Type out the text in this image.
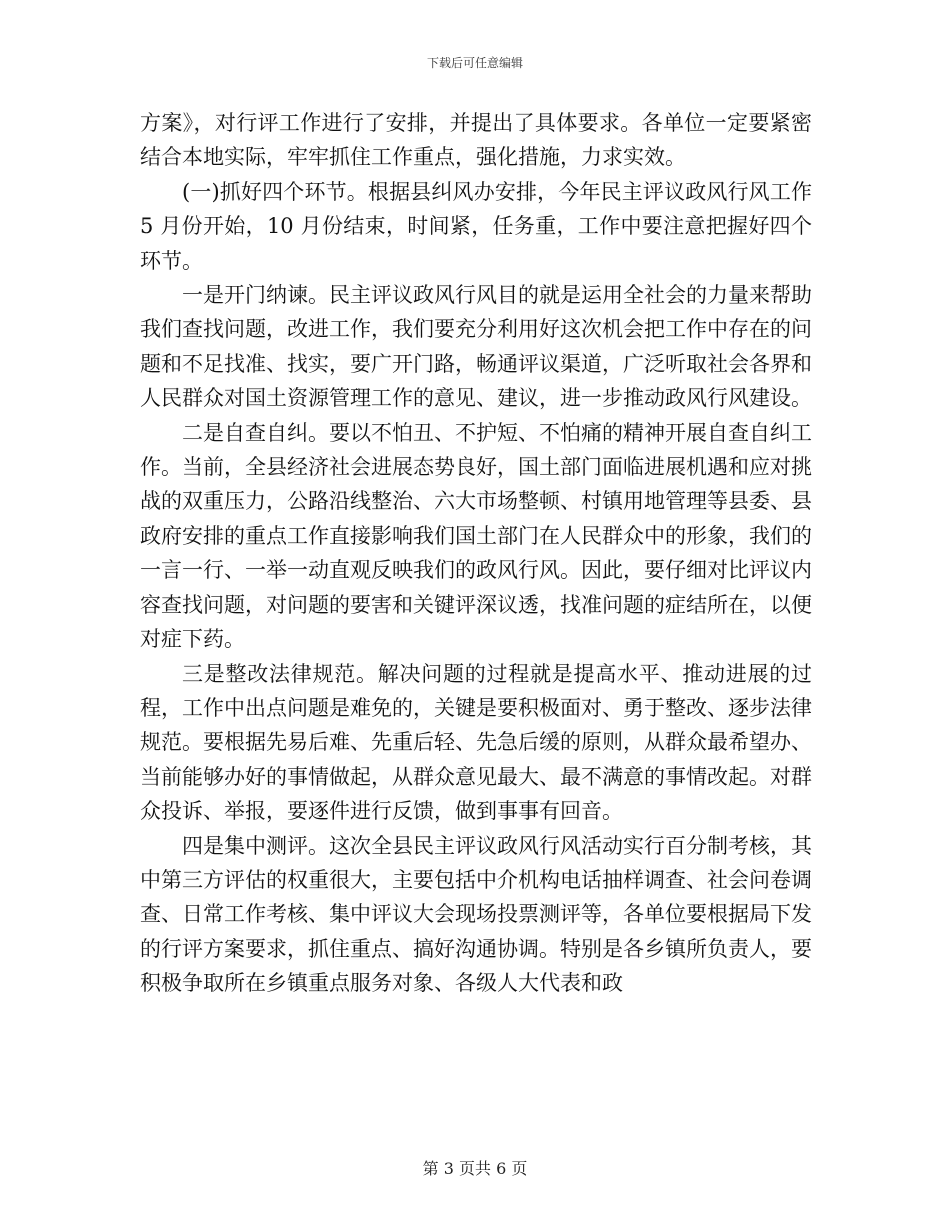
下载后可任意编辑

方案》，对行评工作进行了安排，并提出了具体要求。各单位一定要紧密结合本地实际，牢牢抓住工作重点，强化措施，力求实效。

(一)抓好四个环节。根据县纠风办安排，今年民主评议政风行风工作 5 月份开始，10 月份结束，时间紧，任务重，工作中要注意把握好四个环节。

一是开门纳谏。民主评议政风行风目的就是运用全社会的力量来帮助我们查找问题，改进工作，我们要充分利用好这次机会把工作中存在的问题和不足找准、找实，要广开门路，畅通评议渠道，广泛听取社会各界和人民群众对国土资源管理工作的意见、建议，进一步推动政风行风建设。

二是自查自纠。要以不怕丑、不护短、不怕痛的精神开展自查自纠工作。当前，全县经济社会进展态势良好，国土部门面临进展机遇和应对挑战的双重压力，公路沿线整治、六大市场整顿、村镇用地管理等县委、县政府安排的重点工作直接影响我们国土部门在人民群众中的形象，我们的一言一行、一举一动直观反映我们的政风行风。因此，要仔细对比评议内容查找问题，对问题的要害和关键评深议透，找准问题的症结所在，以便对症下药。

三是整改法律规范。解决问题的过程就是提高水平、推动进展的过程，工作中出点问题是难免的，关键是要积极面对、勇于整改、逐步法律规范。要根据先易后难、先重后轻、先急后缓的原则，从群众最希望办、当前能够办好的事情做起，从群众意见最大、最不满意的事情改起。对群众投诉、举报，要逐件进行反馈，做到事事有回音。

四是集中测评。这次全县民主评议政风行风活动实行百分制考核，其中第三方评估的权重很大，主要包括中介机构电话抽样调查、社会问卷调查、日常工作考核、集中评议大会现场投票测评等，各单位要根据局下发的行评方案要求，抓住重点、搞好沟通协调。特别是各乡镇所负责人，要积极争取所在乡镇重点服务对象、各级人大代表和政

第 3 页共 6 页
